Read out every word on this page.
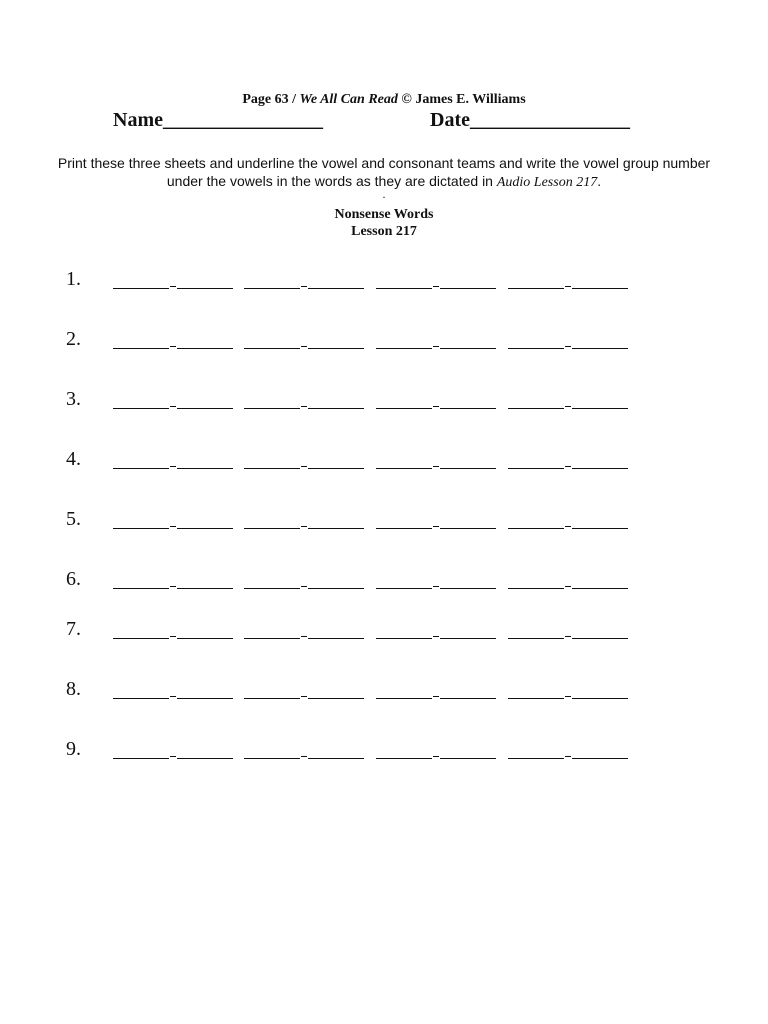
Page 63 / We All Can Read © James E. Williams
Name________________	Date________________
Print these three sheets and underline the vowel and consonant teams and write the vowel group number under the vowels in the words as they are dictated in Audio Lesson 217.
.
Nonsense Words
Lesson 217
1.
2.
3.
4.
5.
6.
7.
8.
9.
